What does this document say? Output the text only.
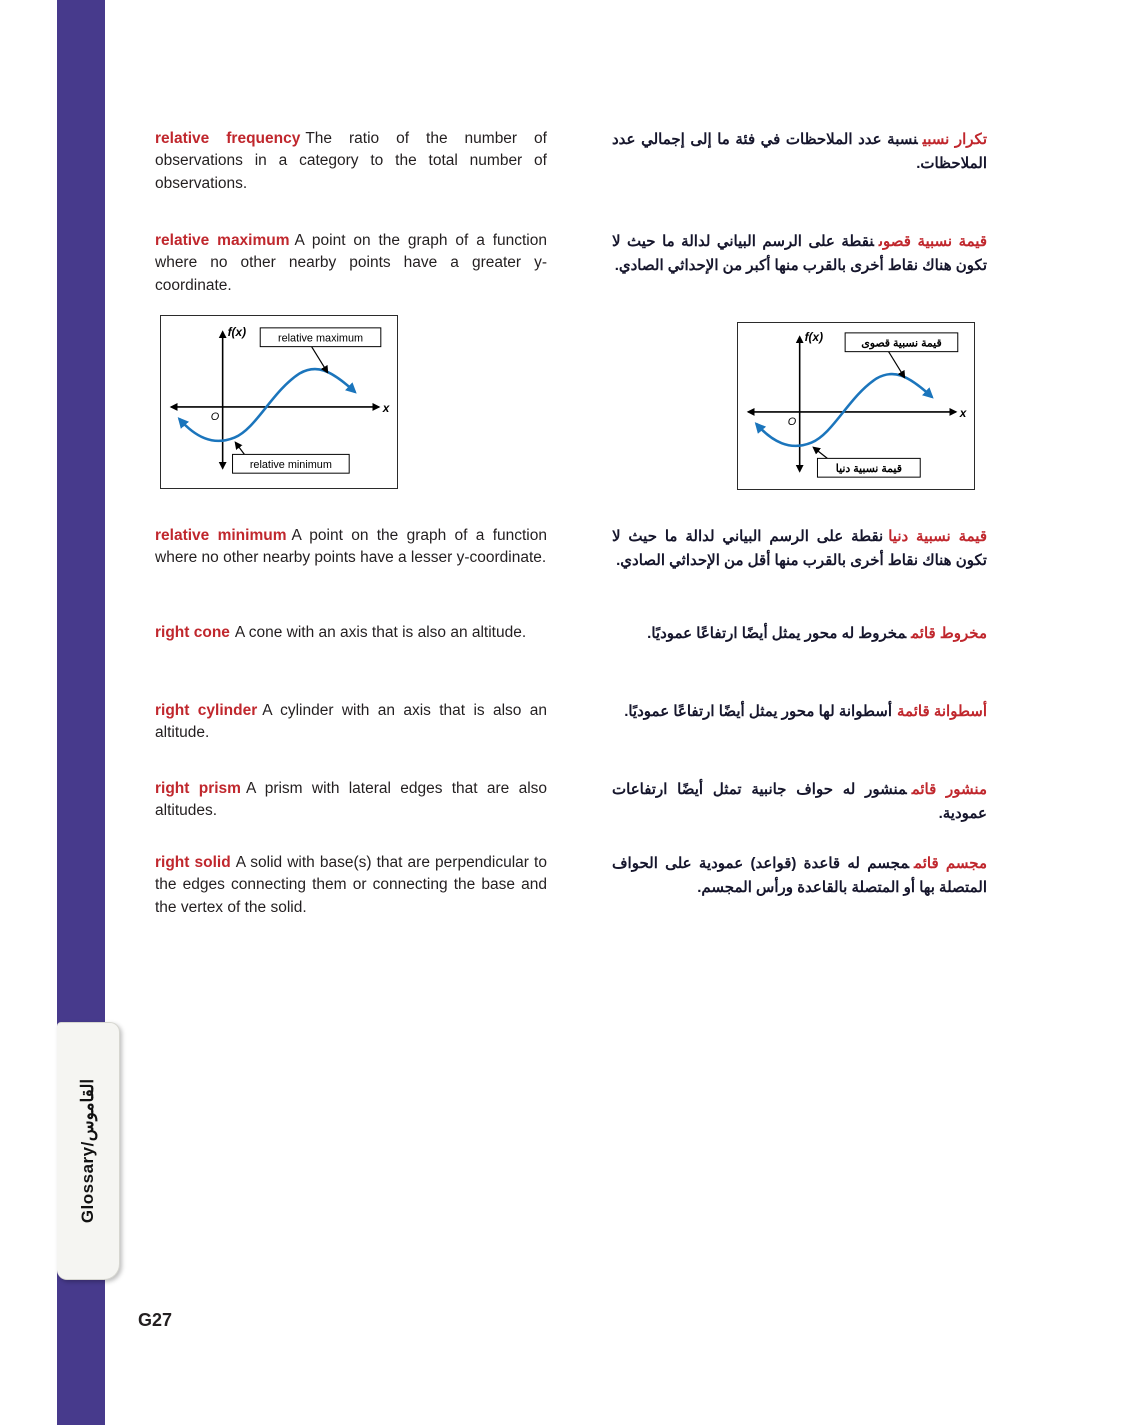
Glossary/القاموس

relative frequency The ratio of the number of observations in a category to the total number of observations.

تكرار نسبينسبة عدد الملاحظات في فئة ما إلى إجمالي عدد الملاحظات.

relative maximum A point on the graph of a function where no other nearby points have a greater y-coordinate.

قيمة نسبية قصوىنقطة على الرسم البياني لدالة ما حيث لا تكون هناك نقاط أخرى بالقرب منها أكبر من الإحداثي الصادي.

f(x)
O
x
relative maximum
relative minimum
f(x)
O
x
قيمة نسبية قصوى
قيمة نسبية دنيا

relative minimum A point on the graph of a function where no other nearby points have a lesser y-coordinate.

قيمة نسبية دنيانقطة على الرسم البياني لدالة ما حيث لا تكون هناك نقاط أخرى بالقرب منها أقل من الإحداثي الصادي.

right cone A cone with an axis that is also an altitude.	مخروط قائممخروط له محور يمثل أيضًا ارتفاعًا عموديًا.

right cylinder A cylinder with an axis that is also an altitude.

أسطوانة قائمةأسطوانة لها محور يمثل أيضًا ارتفاعًا عموديًا.

right prism A prism with lateral edges that are also altitudes.

منشور قائممنشور له حواف جانبية تمثل أيضًا ارتفاعات عمودية.

right solid A solid with base(s) that are perpendicular to the edges connecting them or connecting the base and the vertex of the solid.

مجسم قائممجسم له قاعدة (قواعد) عمودية على الحواف المتصلة بها أو المتصلة بالقاعدة ورأس المجسم.

G27
